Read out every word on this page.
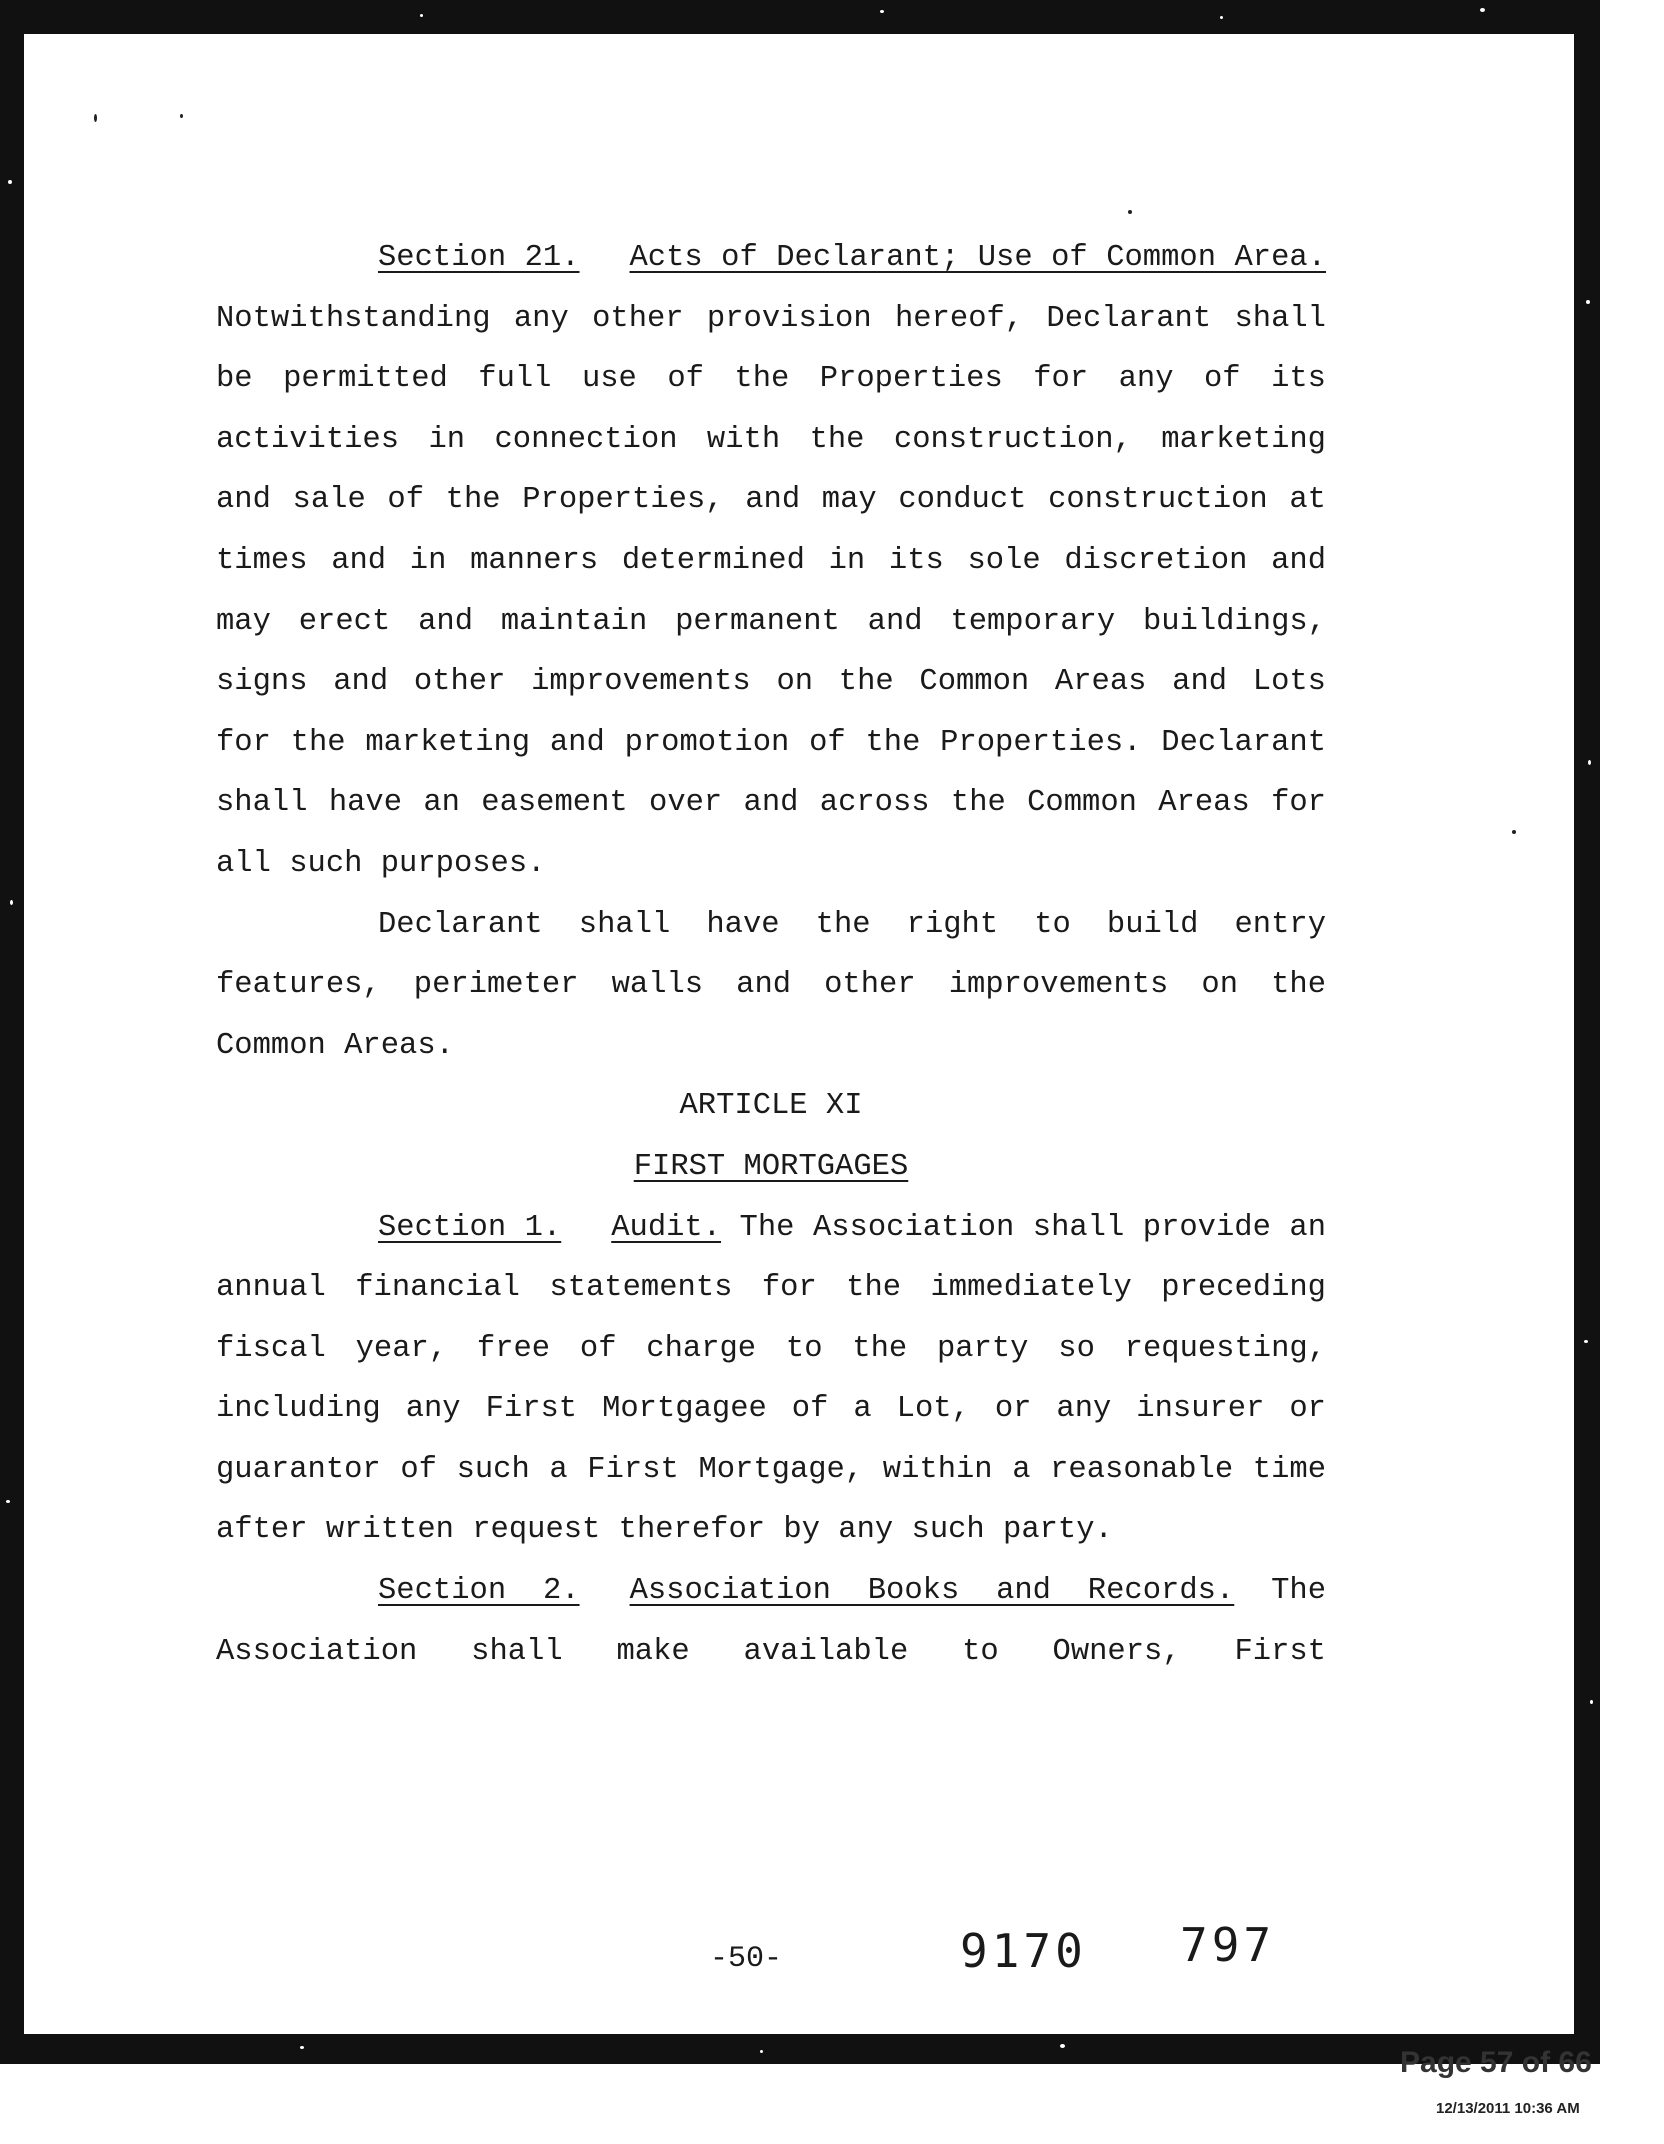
Section 21. Acts of Declarant; Use of Common Area. Notwithstanding any other provision hereof, Declarant shall be permitted full use of the Properties for any of its activities in connection with the construction, marketing and sale of the Properties, and may conduct construction at times and in manners determined in its sole discretion and may erect and maintain permanent and temporary buildings, signs and other improvements on the Common Areas and Lots for the marketing and promotion of the Properties. Declarant shall have an easement over and across the Common Areas for all such purposes.

Declarant shall have the right to build entry features, perimeter walls and other improvements on the Common Areas.

ARTICLE XI

FIRST MORTGAGES

Section 1. Audit. The Association shall provide an annual financial statements for the immediately preceding fiscal year, free of charge to the party so requesting, including any First Mortgagee of a Lot, or any insurer or guarantor of such a First Mortgage, within a reasonable time after written request therefor by any such party.

Section 2. Association Books and Records. The Association shall make available to Owners, First

-50-	9170 797
Page 57 of 66
12/13/2011 10:36 AM
